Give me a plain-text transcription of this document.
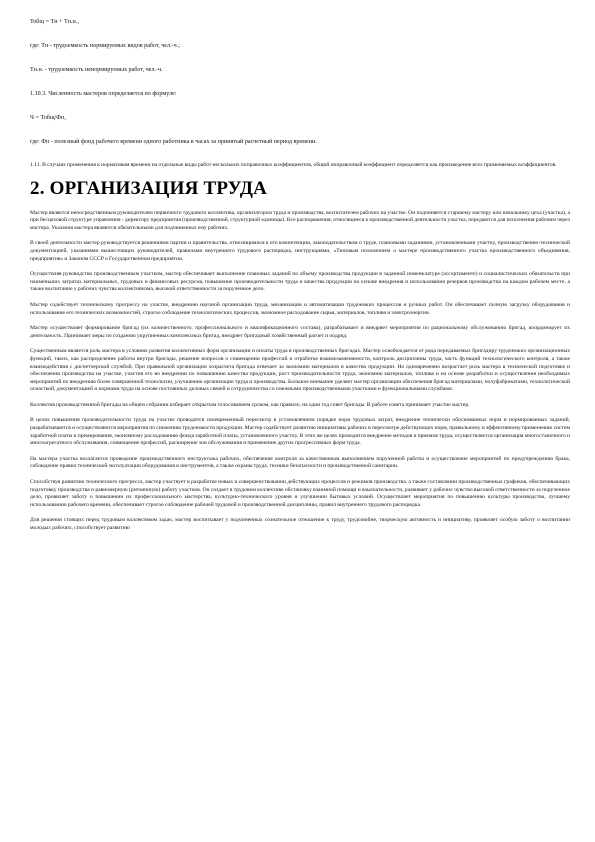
Тобщ = Тн + Тн.н.,
где: Тн - трудоемкость нормируемых видов работ, чел.-ч.;
Тн.н. - трудоемкость ненормируемых работ, чел.-ч.
1.10.3. Численность мастеров определяется по формуле:
Ч = Тобщ/Фп,
где: Фп - полезный фонд рабочего времени одного работника в часах за принятый расчетный период времени.
1.11. В случаях применения к нормативам времени на отдельные виды работ нескольких поправочных коэффициентов, общий поправочный коэффициент определяется как произведение всех применяемых коэффициентов.
2. ОРГАНИЗАЦИЯ ТРУДА

Мастер является непосредственным руководителем первичного трудового коллектива, организатором труда и производства, воспитателем рабочих на участке. Он подчиняется старшему мастеру или начальнику цеха (участка), а при бесцеховой структуре управления - директору предприятия (производственной, структурной единицы). Все распоряжения, относящиеся к производственной деятельности участка, передаются для исполнения рабочим через мастера. Указания мастера являются обязательными для подчиненных ему рабочих.

В своей деятельности мастер руководствуется решениями партии и правительства, относящимися к его компетенции, законодательством о труде, плановыми заданиями, установленными участку, производственно-технической документацией, указаниями вышестоящих руководителей, правилами внутреннего трудового распорядка, инструкциями, «Типовым положением о мастере производственного участка производственного объединения, предприятия» и Законом СССР о Государственном предприятии.

Осуществляя руководство производственным участком, мастер обеспечивает выполнение плановых заданий по объему производства продукции в заданной номенклатуре (ассортименте) и социалистических обязательств при наименьших затратах материальных, трудовых и финансовых ресурсов, повышение производительности труда и качества продукции на основе внедрения и использования резервов производства на каждом рабочем месте, а также воспитание у рабочих чувства коллективизма, высокой ответственности за порученное дело.

Мастер содействует техническому прогрессу на участке, внедрению научной организации труда, механизации и автоматизации трудоемких процессов и ручных работ. Он обеспечивает полную загрузку оборудования и использование его технических возможностей, строгое соблюдение технологических процессов, экономное расходование сырья, материалов, топлива и электроэнергии.

Мастер осуществляет формирование бригад (их количественного, профессионального и квалификационного состава), разрабатывает и внедряет мероприятия по рациональному обслуживанию бригад, координирует их деятельность. Принимает меры по созданию укрупненных комплексных бригад, внедряет бригадный хозяйственный расчет и подряд.

Существенным является роль мастера в условиях развития коллективных форм организации и оплаты труда в производственных бригадах. Мастер освобождается от ряда передаваемых бригадиру трудоемких организационных функций, таких, как распределение работы внутри бригады, решение вопросов о совмещении профессий и отработке взаимозаменяемости, контроль дисциплины труда, часть функций технологического контроля, а также взаимодействия с диспетчерской службой. При правильной организации хозрасчета бригада отвечает за экономию материалов и качество продукции. Но одновременно возрастает роль мастера в технической подготовке и обеспечении производства на участке, участия его во внедрении по повышению качества продукции, рост производительности труда, экономию материалов, топлива и на основе разработки и осуществления необходимых мероприятий по внедрению более совершенной технологии, улучшению организации труда и производства. Большое внимание уделяет мастер организации обеспечения бригад материалами, полуфабрикатами, технологической оснасткой, документацией и нормами труда на основе постоянных деловых связей и сотрудничества со смежными производственными участками и функциональными службами.

Коллектив производственной бригады на общем собрании избирает открытым голосованием сроком, как правило, на один год совет бригады. В работе совета принимает участие мастер.

В целях повышения производительности труда на участке проводится своевременный пересмотр в установленном порядке норм трудовых затрат, внедрение технически обоснованных норм и нормированных заданий, разрабатываются и осуществляются мероприятия по снижению трудоемкости продукции. Мастер содействует развитию инициативы рабочих в пересмотре действующих норм, правильному и эффективному применению систем заработной платы и премирования, экономному расходованию фонда заработной платы, установленного участку. В этих же целях проводится внедрение методов и приемов труда, осуществляется организация многостаночного и многоагрегатного обслуживания, совмещение профессий, расширение зон обслуживания и применение других прогрессивных форм труда.

На мастера участка возлагается проведение производственного инструктажа рабочих, обеспечение контроля за качественным выполнением порученной работы и осуществление мероприятий по предупреждению брака, соблюдение правил технической эксплуатации оборудования и инструментов, а также охраны труда, техники безопасности и производственной санитарии.

Способствуя развитию технического прогресса, мастер участвует в разработке новых и совершенствовании действующих процессов и режимов производства, а также составлении производственных графиков, обеспечивающих подготовку производства и равномерную (ритмичную) работу участков. Он создает в трудовом коллективе обстановку взаимной помощи и взыскательности, развивает у рабочих чувство высокой ответственности за порученное дело, проявляет заботу о повышении их профессионального мастерства, культурно-технического уровня и улучшении бытовых условий. Осуществляет мероприятия по повышению культуры производства, лучшему использованию рабочего времени, обеспечивает строгое соблюдение рабочей трудовой и производственной дисциплины, правил внутреннего трудового распорядка.

Для решения стоящих перед трудовым коллективом задач, мастер воспитывает у подчиненных сознательное отношение к труду, трудолюбие, творческую активность и инициативу, проявляет особую заботу о воспитании молодых рабочих, способствует развитию
